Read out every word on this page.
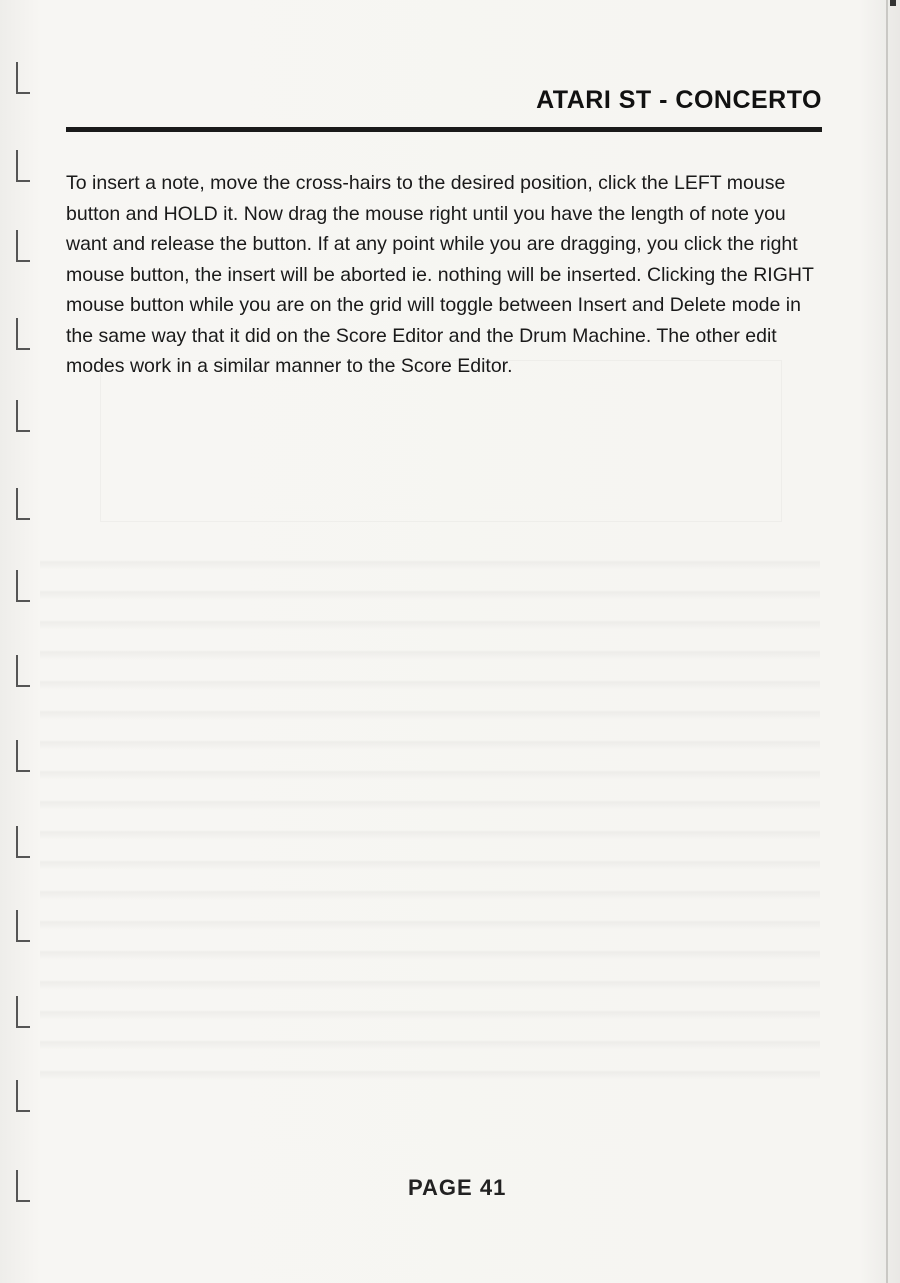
ATARI ST - CONCERTO
To insert a note, move the cross-hairs to the desired position, click the LEFT mouse button and HOLD it. Now drag the mouse right until you have the length of note you want and release the button. If at any point while you are dragging, you click the right mouse button, the insert will be aborted ie. nothing will be inserted. Clicking the RIGHT mouse button while you are on the grid will toggle between Insert and Delete mode in the same way that it did on the Score Editor and the Drum Machine. The other edit modes work in a similar manner to the Score Editor.
PAGE 41
